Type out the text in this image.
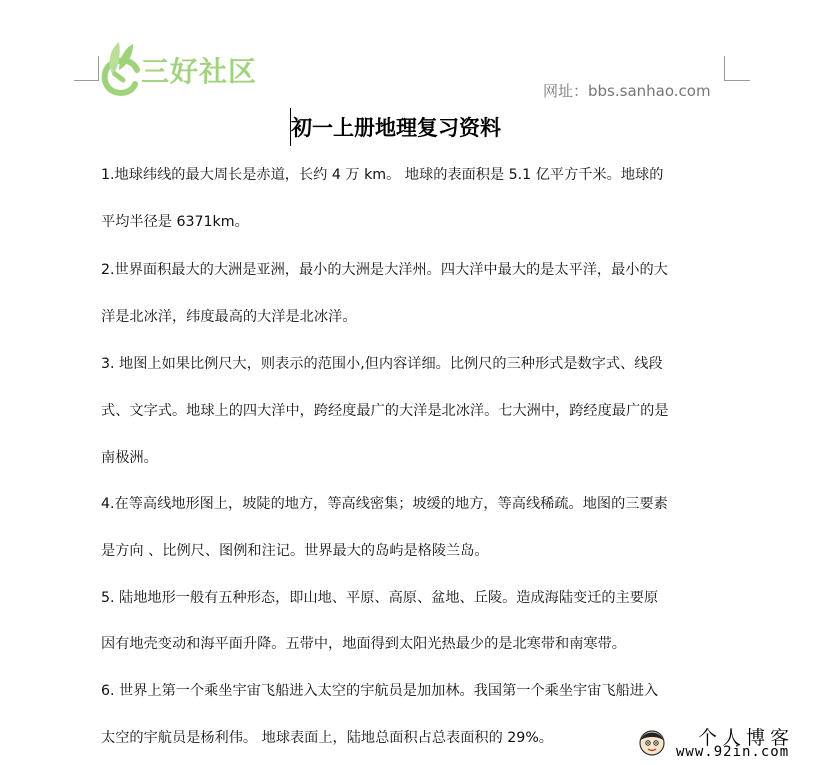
三好社区
网址：bbs.sanhao.com
初一上册地理复习资料
1.地球纬线的最大周长是赤道，长约 4 万 km。 地球的表面积是 5.1 亿平方千米。地球的
平均半径是 6371km。
2.世界面积最大的大洲是亚洲，最小的大洲是大洋州。四大洋中最大的是太平洋，最小的大
洋是北冰洋，纬度最高的大洋是北冰洋。
3. 地图上如果比例尺大，则表示的范围小,但内容详细。比例尺的三种形式是数字式、线段
式、文字式。地球上的四大洋中，跨经度最广的大洋是北冰洋。七大洲中，跨经度最广的是
南极洲。
4.在等高线地形图上，坡陡的地方，等高线密集；坡缓的地方，等高线稀疏。地图的三要素
是方向 、比例尺、图例和注记。世界最大的岛屿是格陵兰岛。
5. 陆地地形一般有五种形态，即山地、平原、高原、盆地、丘陵。造成海陆变迁的主要原
因有地壳变动和海平面升降。五带中，地面得到太阳光热最少的是北寒带和南寒带。
6. 世界上第一个乘坐宇宙飞船进入太空的宇航员是加加林。我国第一个乘坐宇宙飞船进入
太空的宇航员是杨利伟。 地球表面上，陆地总面积占总表面积的 29%。	个人博客
www.92in.com
